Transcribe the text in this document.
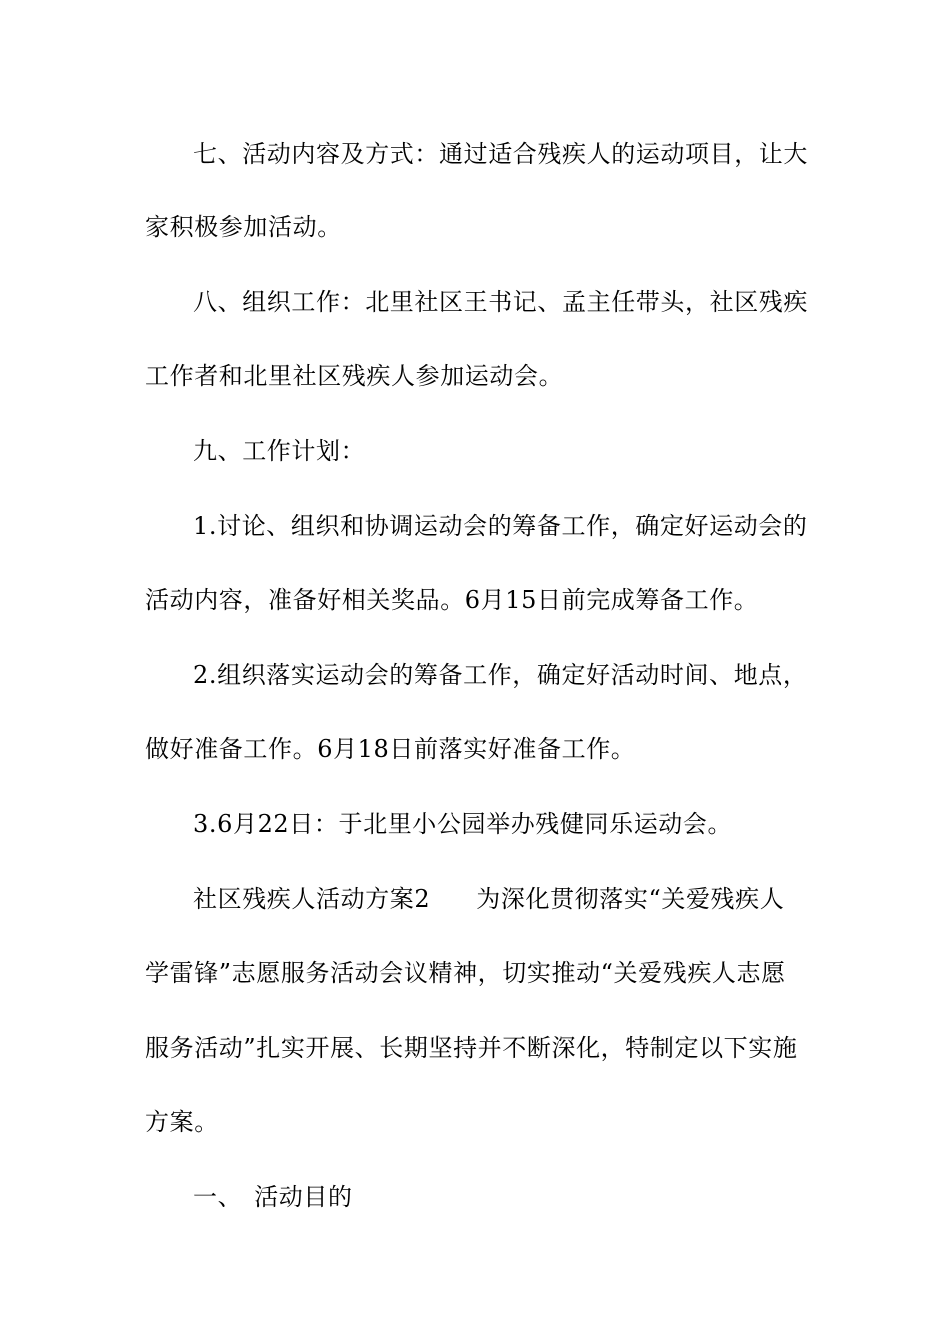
七、活动内容及方式：通过适合残疾人的运动项目，让大
家积极参加活动。
八、组织工作：北里社区王书记、孟主任带头，社区残疾
工作者和北里社区残疾人参加运动会。
九、工作计划：
1.讨论、组织和协调运动会的筹备工作，确定好运动会的
活动内容，准备好相关奖品。6月15日前完成筹备工作。
2.组织落实运动会的筹备工作，确定好活动时间、地点，
做好准备工作。6月18日前落实好准备工作。
3.6月22日：于北里小公园举办残健同乐运动会。
社区残疾人活动方案2 为深化贯彻落实“关爱残疾人
学雷锋”志愿服务活动会议精神，切实推动“关爱残疾人志愿
服务活动”扎实开展、长期坚持并不断深化，特制定以下实施
方案。
一、 活动目的
